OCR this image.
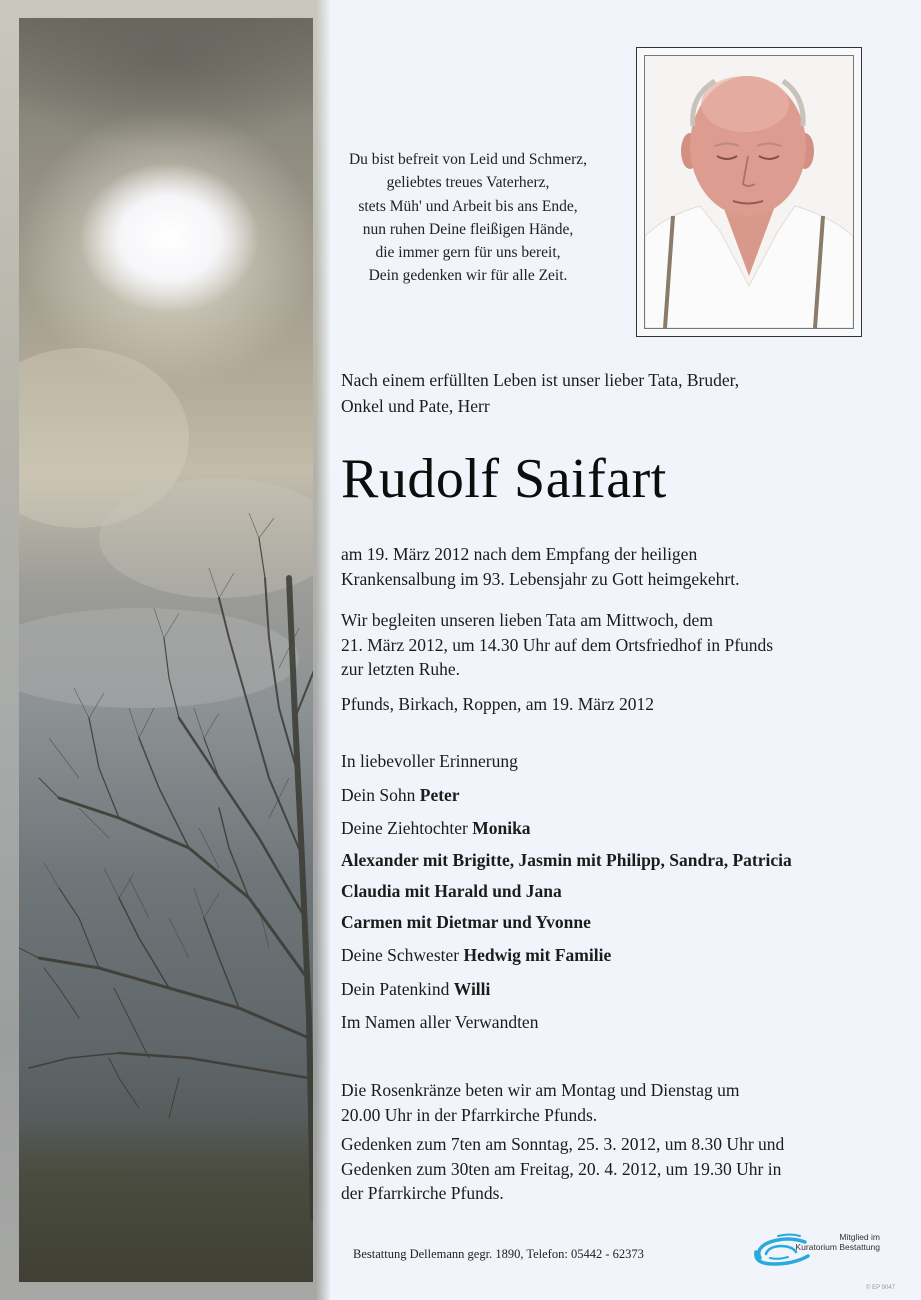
Du bist befreit von Leid und Schmerz,
geliebtes treues Vaterherz,
stets Müh' und Arbeit bis ans Ende,
nun ruhen Deine fleißigen Hände,
die immer gern für uns bereit,
Dein gedenken wir für alle Zeit.
Nach einem erfüllten Leben ist unser lieber Tata, Bruder,
Onkel und Pate, Herr
Rudolf Saifart
am 19. März 2012 nach dem Empfang der heiligen
Krankensalbung im 93. Lebensjahr zu Gott heimgekehrt.
Wir begleiten unseren lieben Tata am Mittwoch, dem
21. März 2012, um 14.30 Uhr auf dem Ortsfriedhof in Pfunds
zur letzten Ruhe.
Pfunds, Birkach, Roppen, am 19. März 2012
In liebevoller Erinnerung
Dein Sohn Peter
Deine Ziehtochter Monika
Alexander mit Brigitte, Jasmin mit Philipp, Sandra, Patricia
Claudia mit Harald und Jana
Carmen mit Dietmar und Yvonne
Deine Schwester Hedwig mit Familie
Dein Patenkind Willi
Im Namen aller Verwandten
Die Rosenkränze beten wir am Montag und Dienstag um
20.00 Uhr in der Pfarrkirche Pfunds.
Gedenken zum 7ten am Sonntag, 25. 3. 2012, um 8.30 Uhr und
Gedenken zum 30ten am Freitag, 20. 4. 2012, um 19.30 Uhr in
der Pfarrkirche Pfunds.
Bestattung Dellemann gegr. 1890, Telefon: 05442 - 62373
Mitglied im
Kuratorium Bestattung
© EP 9047
